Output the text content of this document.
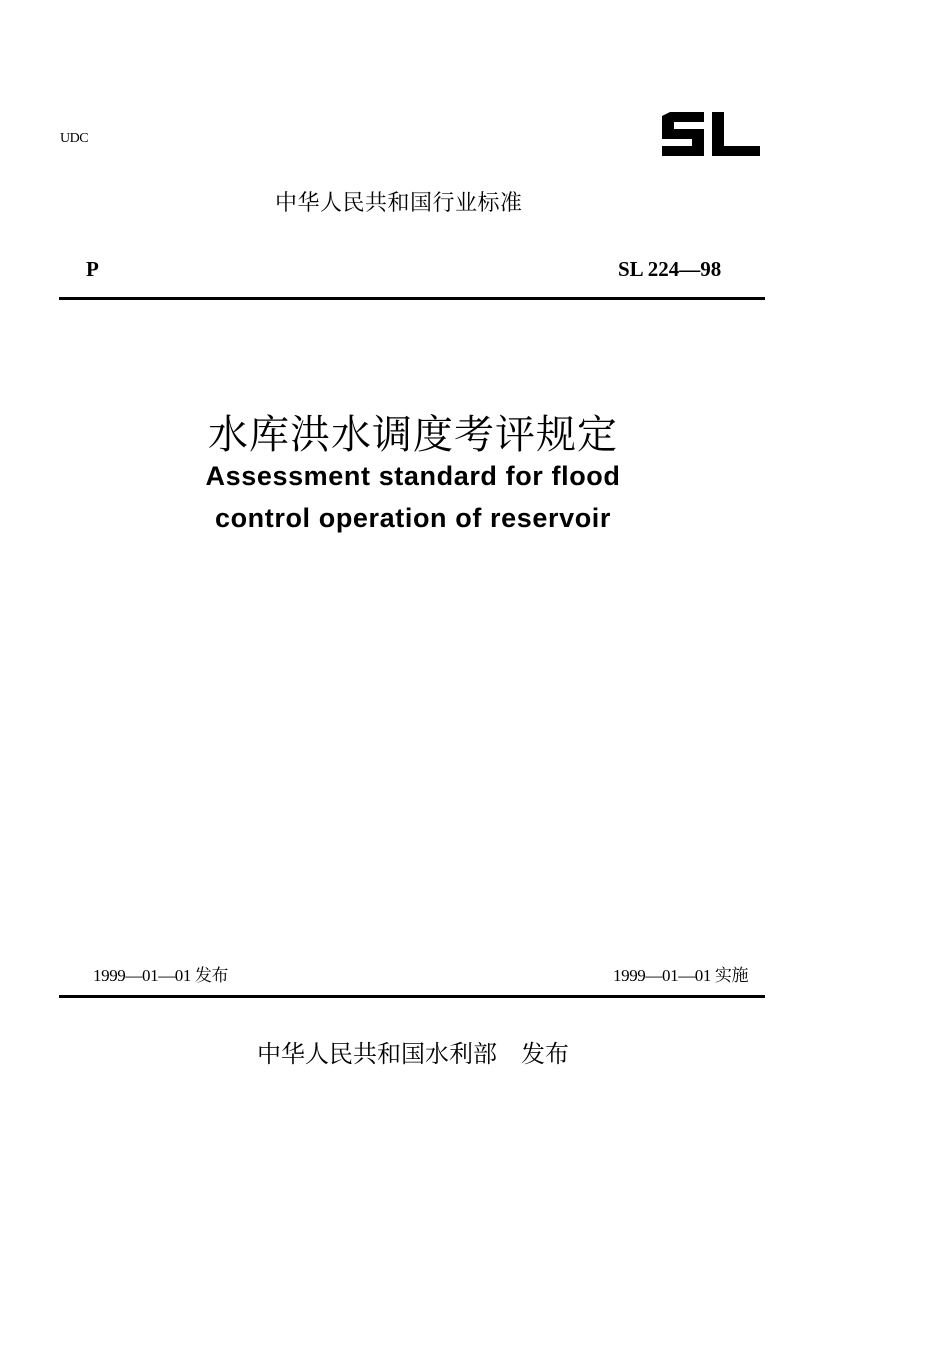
UDC
中华人民共和国行业标准
P	SL 224—98
水库洪水调度考评规定
Assessment standard for flood
control operation of reservoir
1999—01—01 发布	1999—01—01 实施
中华人民共和国水利部　发布
